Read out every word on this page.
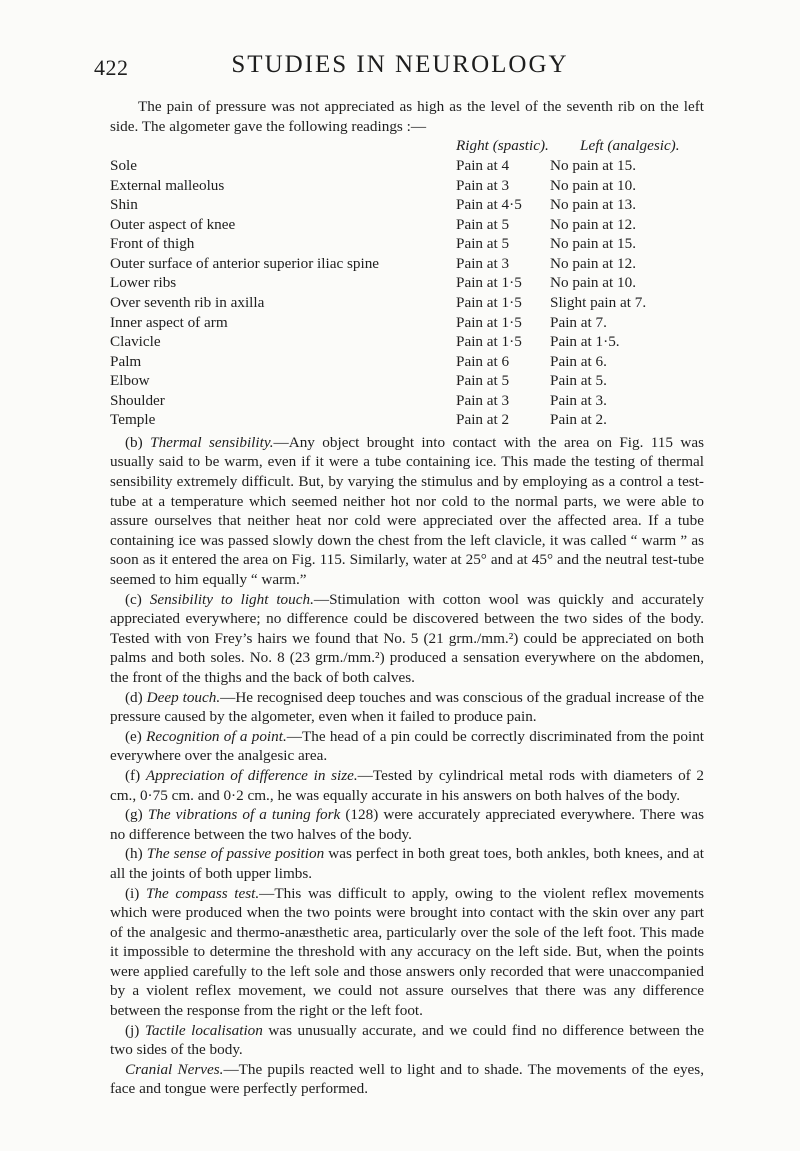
422	STUDIES IN NEUROLOGY

The pain of pressure was not appreciated as high as the level of the seventh rib on the left side. The algometer gave the following readings :—

Right (spastic). Left (analgesic).
Sole	Pain at 4	No pain at 15.
External malleolus	Pain at 3	No pain at 10.
Shin	Pain at 4·5 No pain at 13.
Outer aspect of knee	Pain at 5	No pain at 12.
Front of thigh	Pain at 5	No pain at 15.
Outer surface of anterior superior iliac spine	Pain at 3	No pain at 12.
Lower ribs	Pain at 1·5 No pain at 10.
Over seventh rib in axilla	Pain at 1·5 Slight pain at 7.
Inner aspect of arm	Pain at 1·5 Pain at 7.
Clavicle	Pain at 1·5 Pain at 1·5.
Palm	Pain at 6	Pain at 6.
Elbow	Pain at 5	Pain at 5.
Shoulder	Pain at 3	Pain at 3.
Temple	Pain at 2	Pain at 2.

(b) Thermal sensibility.—Any object brought into contact with the area on Fig. 115 was usually said to be warm, even if it were a tube containing ice. This made the testing of thermal sensibility extremely difficult. But, by varying the stimulus and by employing as a control a test-tube at a temperature which seemed neither hot nor cold to the normal parts, we were able to assure ourselves that neither heat nor cold were appreciated over the affected area. If a tube containing ice was passed slowly down the chest from the left clavicle, it was called “ warm ” as soon as it entered the area on Fig. 115. Similarly, water at 25° and at 45° and the neutral test-tube seemed to him equally “ warm.”

(c) Sensibility to light touch.—Stimulation with cotton wool was quickly and accurately appreciated everywhere; no difference could be discovered between the two sides of the body. Tested with von Frey’s hairs we found that No. 5 (21 grm./mm.²) could be appreciated on both palms and both soles. No. 8 (23 grm./mm.²) produced a sensation everywhere on the abdomen, the front of the thighs and the back of both calves.

(d) Deep touch.—He recognised deep touches and was conscious of the gradual increase of the pressure caused by the algometer, even when it failed to produce pain.

(e) Recognition of a point.—The head of a pin could be correctly discriminated from the point everywhere over the analgesic area.

(f) Appreciation of difference in size.—Tested by cylindrical metal rods with diameters of 2 cm., 0·75 cm. and 0·2 cm., he was equally accurate in his answers on both halves of the body.

(g) The vibrations of a tuning fork (128) were accurately appreciated everywhere. There was no difference between the two halves of the body.

(h) The sense of passive position was perfect in both great toes, both ankles, both knees, and at all the joints of both upper limbs.

(i) The compass test.—This was difficult to apply, owing to the violent reflex movements which were produced when the two points were brought into contact with the skin over any part of the analgesic and thermo-anæsthetic area, particularly over the sole of the left foot. This made it impossible to determine the threshold with any accuracy on the left side. But, when the points were applied carefully to the left sole and those answers only recorded that were unaccompanied by a violent reflex movement, we could not assure ourselves that there was any difference between the response from the right or the left foot.

(j) Tactile localisation was unusually accurate, and we could find no difference between the two sides of the body.

Cranial Nerves.—The pupils reacted well to light and to shade. The movements of the eyes, face and tongue were perfectly performed.
